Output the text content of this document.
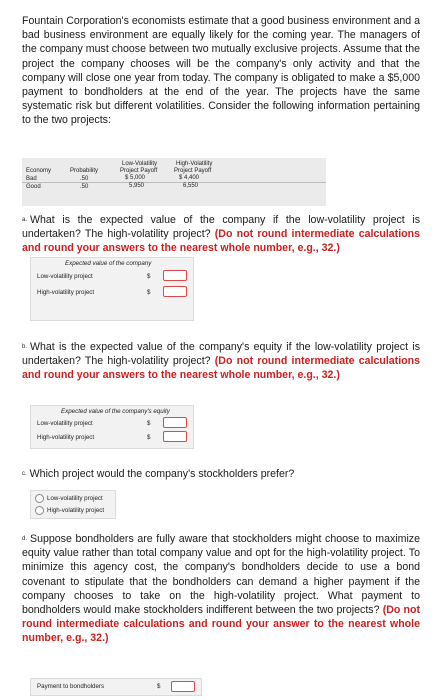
Fountain Corporation's economists estimate that a good business environment and a bad business environment are equally likely for the coming year. The managers of the company must choose between two mutually exclusive projects. Assume that the project the company chooses will be the company's only activity and that the company will close one year from today. The company is obligated to make a $5,000 payment to bondholders at the end of the year. The projects have the same systematic risk but different volatilities. Consider the following information pertaining to the two projects:
Economy	Probability
Low-Volatility
Project Payoff
High-Volatility
Project Payoff
Bad	.50	$ 5,000	$ 4,400
Good	.50	5,950	6,550
$^{a.}$ What is the expected value of the company if the low-volatility project is undertaken? The high-volatility project? (Do not round intermediate calculations and round your answers to the nearest whole number, e.g., 32.)
Expected value of the company
Low-volatility project	$
High-volatility project	$
$^{b.}$ What is the expected value of the company's equity if the low-volatility project is undertaken? The high-volatility project? (Do not round intermediate calculations and round your answers to the nearest whole number, e.g., 32.)
Expected value of the company's equity
Low-volatility project	$
High-volatility project	$
$^{c.}$ Which project would the company's stockholders prefer?
Low-volatility project
High-volatility project
$^{d.}$ Suppose bondholders are fully aware that stockholders might choose to maximize equity value rather than total company value and opt for the high-volatility project. To minimize this agency cost, the company's bondholders decide to use a bond covenant to stipulate that the bondholders can demand a higher payment if the company chooses to take on the high-volatility project. What payment to bondholders would make stockholders indifferent between the two projects? (Do not round intermediate calculations and round your answer to the nearest whole number, e.g., 32.)
Payment to bondholders	$
